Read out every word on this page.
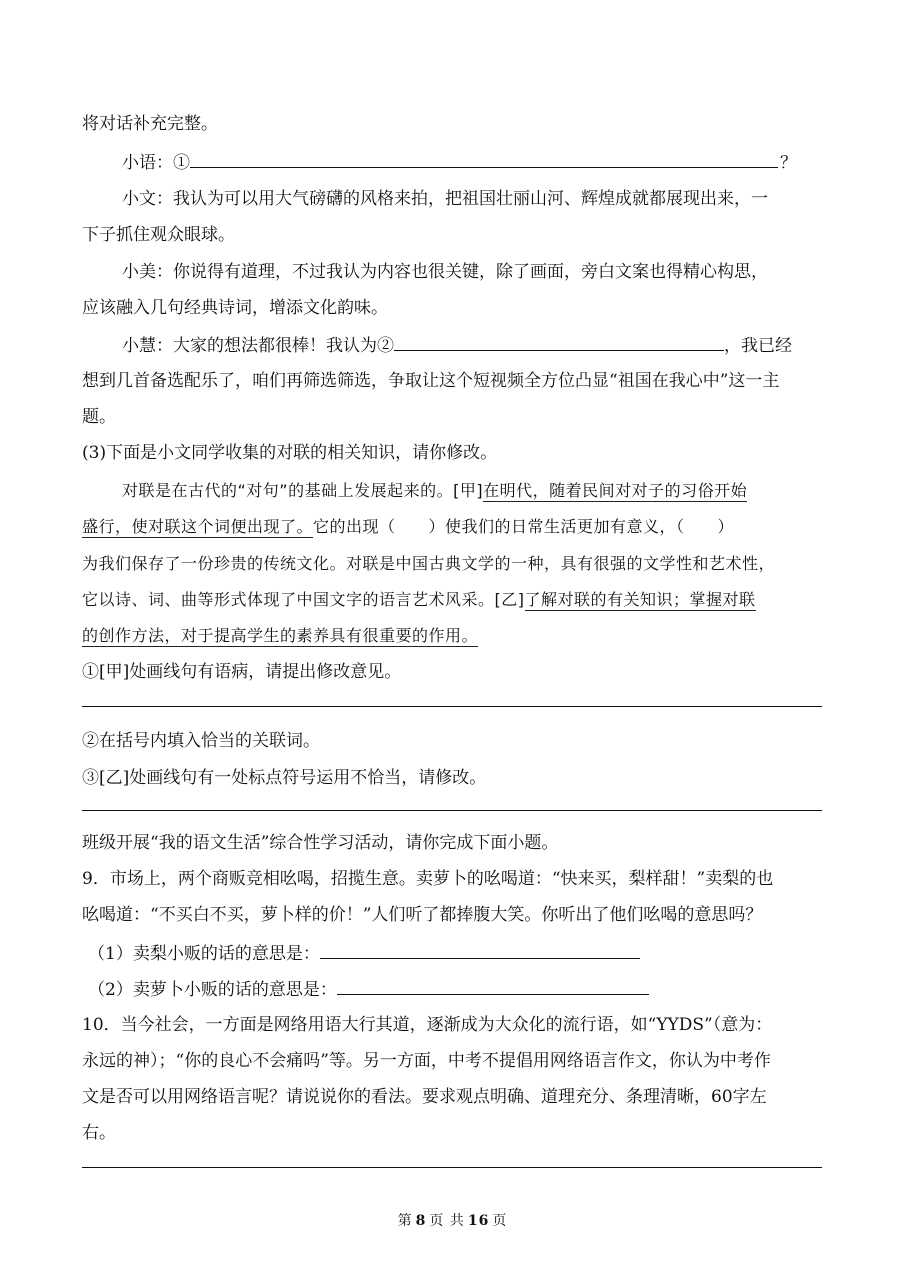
将对话补充完整。
小语：①	？
小文：我认为可以用大气磅礴的风格来拍，把祖国壮丽山河、辉煌成就都展现出来，一
下子抓住观众眼球。
小美：你说得有道理，不过我认为内容也很关键，除了画面，旁白文案也得精心构思，
应该融入几句经典诗词，增添文化韵味。
小慧：大家的想法都很棒！我认为②	，我已经
想到几首备选配乐了，咱们再筛选筛选，争取让这个短视频全方位凸显“祖国在我心中”这一主
题。
(3)下面是小文同学收集的对联的相关知识，请你修改。
对联是在古代的“对句”的基础上发展起来的。[甲]在明代，随着民间对对子的习俗开始
盛行，使对联这个词便出现了。它的出现（　　）使我们的日常生活更加有意义，（　　）
为我们保存了一份珍贵的传统文化。对联是中国古典文学的一种，具有很强的文学性和艺术性，
它以诗、词、曲等形式体现了中国文字的语言艺术风采。[乙]了解对联的有关知识；掌握对联
的创作方法，对于提高学生的素养具有很重要的作用。
①[甲]处画线句有语病，请提出修改意见。
②在括号内填入恰当的关联词。
③[乙]处画线句有一处标点符号运用不恰当，请修改。
班级开展“我的语文生活”综合性学习活动，请你完成下面小题。
9．市场上，两个商贩竞相吆喝，招揽生意。卖萝卜的吆喝道：“快来买，梨样甜！”卖梨的也
吆喝道：“不买白不买，萝卜样的价！”人们听了都捧腹大笑。你听出了他们吆喝的意思吗？
（1）卖梨小贩的话的意思是：
（2）卖萝卜小贩的话的意思是：
10．当今社会，一方面是网络用语大行其道，逐渐成为大众化的流行语，如“YYDS”（意为：
永远的神）；“你的良心不会痛吗”等。另一方面，中考不提倡用网络语言作文，你认为中考作
文是否可以用网络语言呢？请说说你的看法。要求观点明确、道理充分、条理清晰，60字左
右。
第 8 页 共 16 页
